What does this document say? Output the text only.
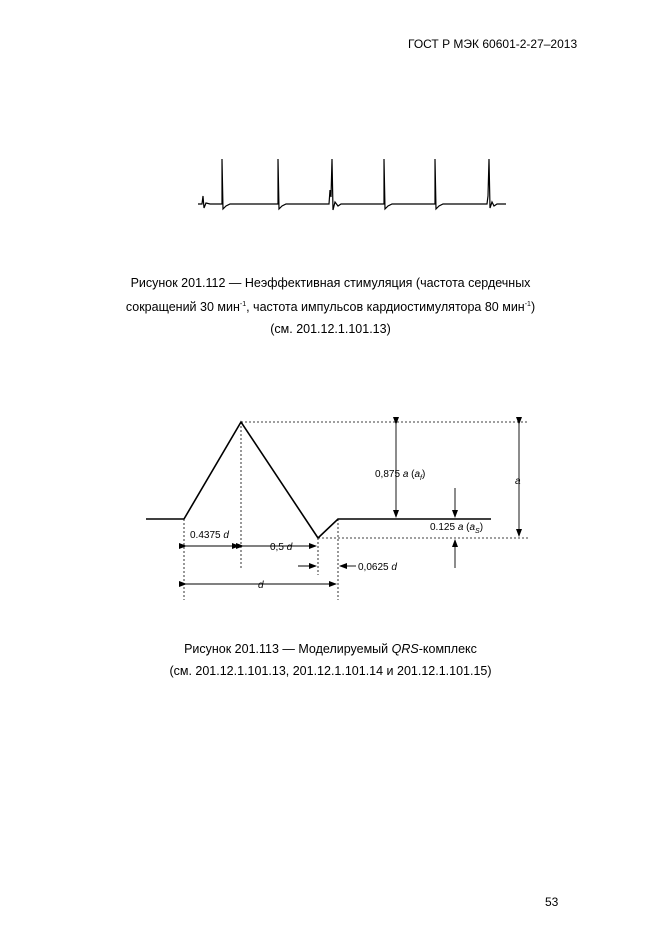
ГОСТ Р МЭК 60601-2-27–2013
Рисунок 201.112 — Неэффективная стимуляция (частота сердечных
сокращений 30 мин$^{-1}$, частота импульсов кардиостимулятора 80 мин$^{-1}$)
(см. 201.12.1.101.13)
0,875 a $(a_f)$
a
0.125 a $(a_S)$
0.4375 d
0,5 d
0,0625 d
d
Рисунок 201.113 — Моделируемый QRS-комплекс
(см. 201.12.1.101.13, 201.12.1.101.14 и 201.12.1.101.15)
53
